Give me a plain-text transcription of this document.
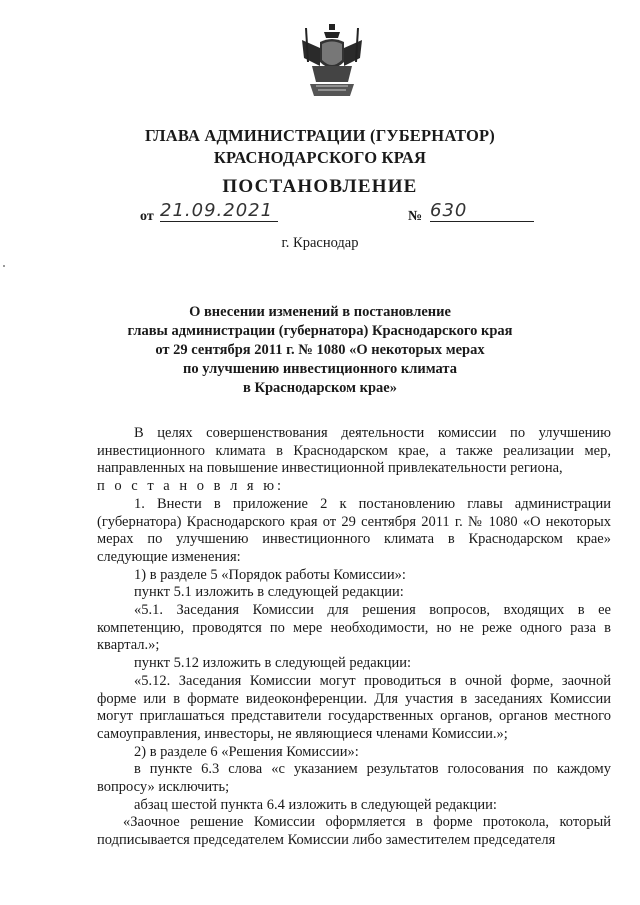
ГЛАВА АДМИНИСТРАЦИИ (ГУБЕРНАТОР)
КРАСНОДАРСКОГО КРАЯ
ПОСТАНОВЛЕНИЕ
от 21.09.2021	№ 630
г. Краснодар
О внесении изменений в постановление
главы администрации (губернатора) Краснодарского края
от 29 сентября 2011 г. № 1080 «О некоторых мерах
по улучшению инвестиционного климата
в Краснодарском крае»

В целях совершенствования деятельности комиссии по улучшению инвестиционного климата в Краснодарском крае, а также реализации мер, направленных на повышение инвестиционной привлекательности региона,
п о с т а н о в л я ю:

1. Внести в приложение 2 к постановлению главы администрации (губернатора) Краснодарского края от 29 сентября 2011 г. № 1080 «О некоторых мерах по улучшению инвестиционного климата в Краснодарском крае» следующие изменения:

1) в разделе 5 «Порядок работы Комиссии»:

пункт 5.1 изложить в следующей редакции:

«5.1. Заседания Комиссии для решения вопросов, входящих в ее компетенцию, проводятся по мере необходимости, но не реже одного раза в квартал.»;

пункт 5.12 изложить в следующей редакции:

«5.12. Заседания Комиссии могут проводиться в очной форме, заочной форме или в формате видеоконференции. Для участия в заседаниях Комиссии могут приглашаться представители государственных органов, органов местного самоуправления, инвесторы, не являющиеся членами Комиссии.»;

2) в разделе 6 «Решения Комиссии»:

в пункте 6.3 слова «с указанием результатов голосования по каждому вопросу» исключить;

абзац шестой пункта 6.4 изложить в следующей редакции:

«Заочное решение Комиссии оформляется в форме протокола, который подписывается председателем Комиссии либо заместителем председателя
